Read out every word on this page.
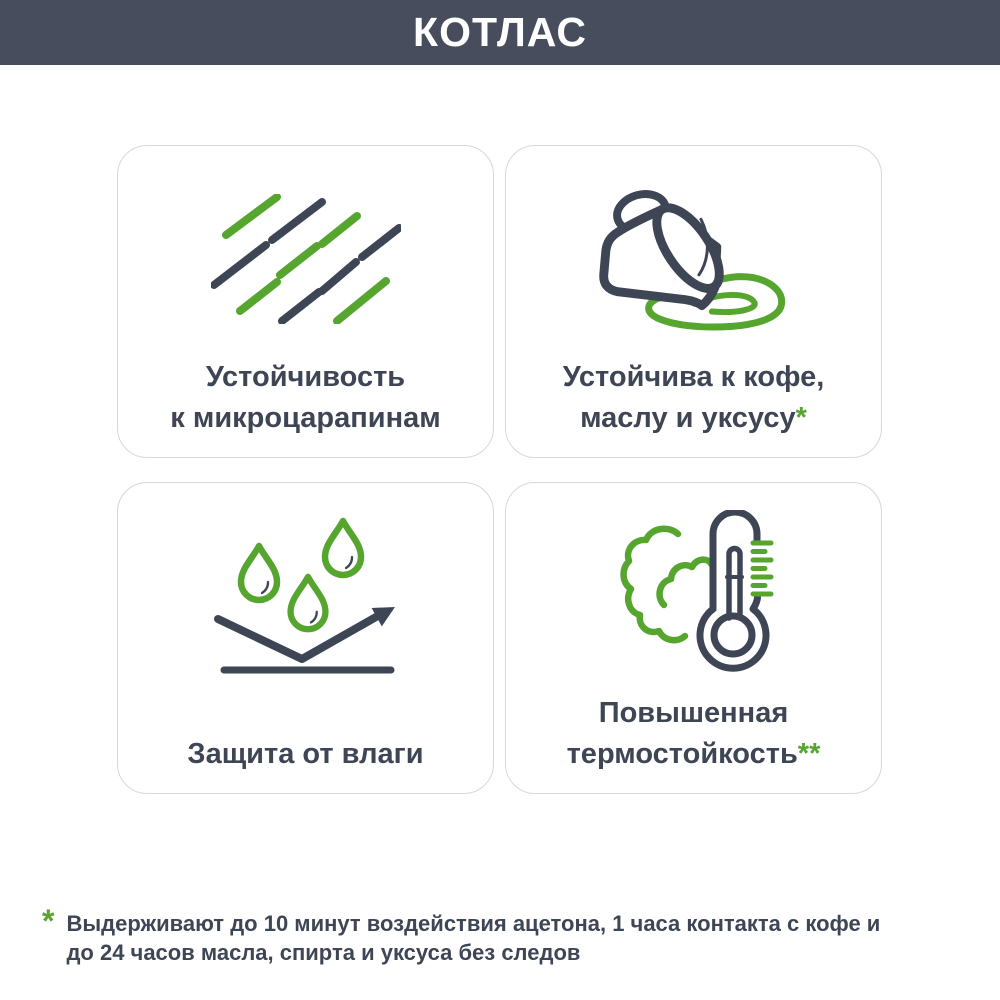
КОТЛАС
Устойчивость
к микроцарапинам
Устойчива к кофе,
маслу и уксусу*
Защита от влаги
Повышенная
термостойкость**
* Выдерживают до 10 минут воздействия ацетона, 1 часа контакта с кофе и
до 24 часов масла, спирта и уксуса без следов
